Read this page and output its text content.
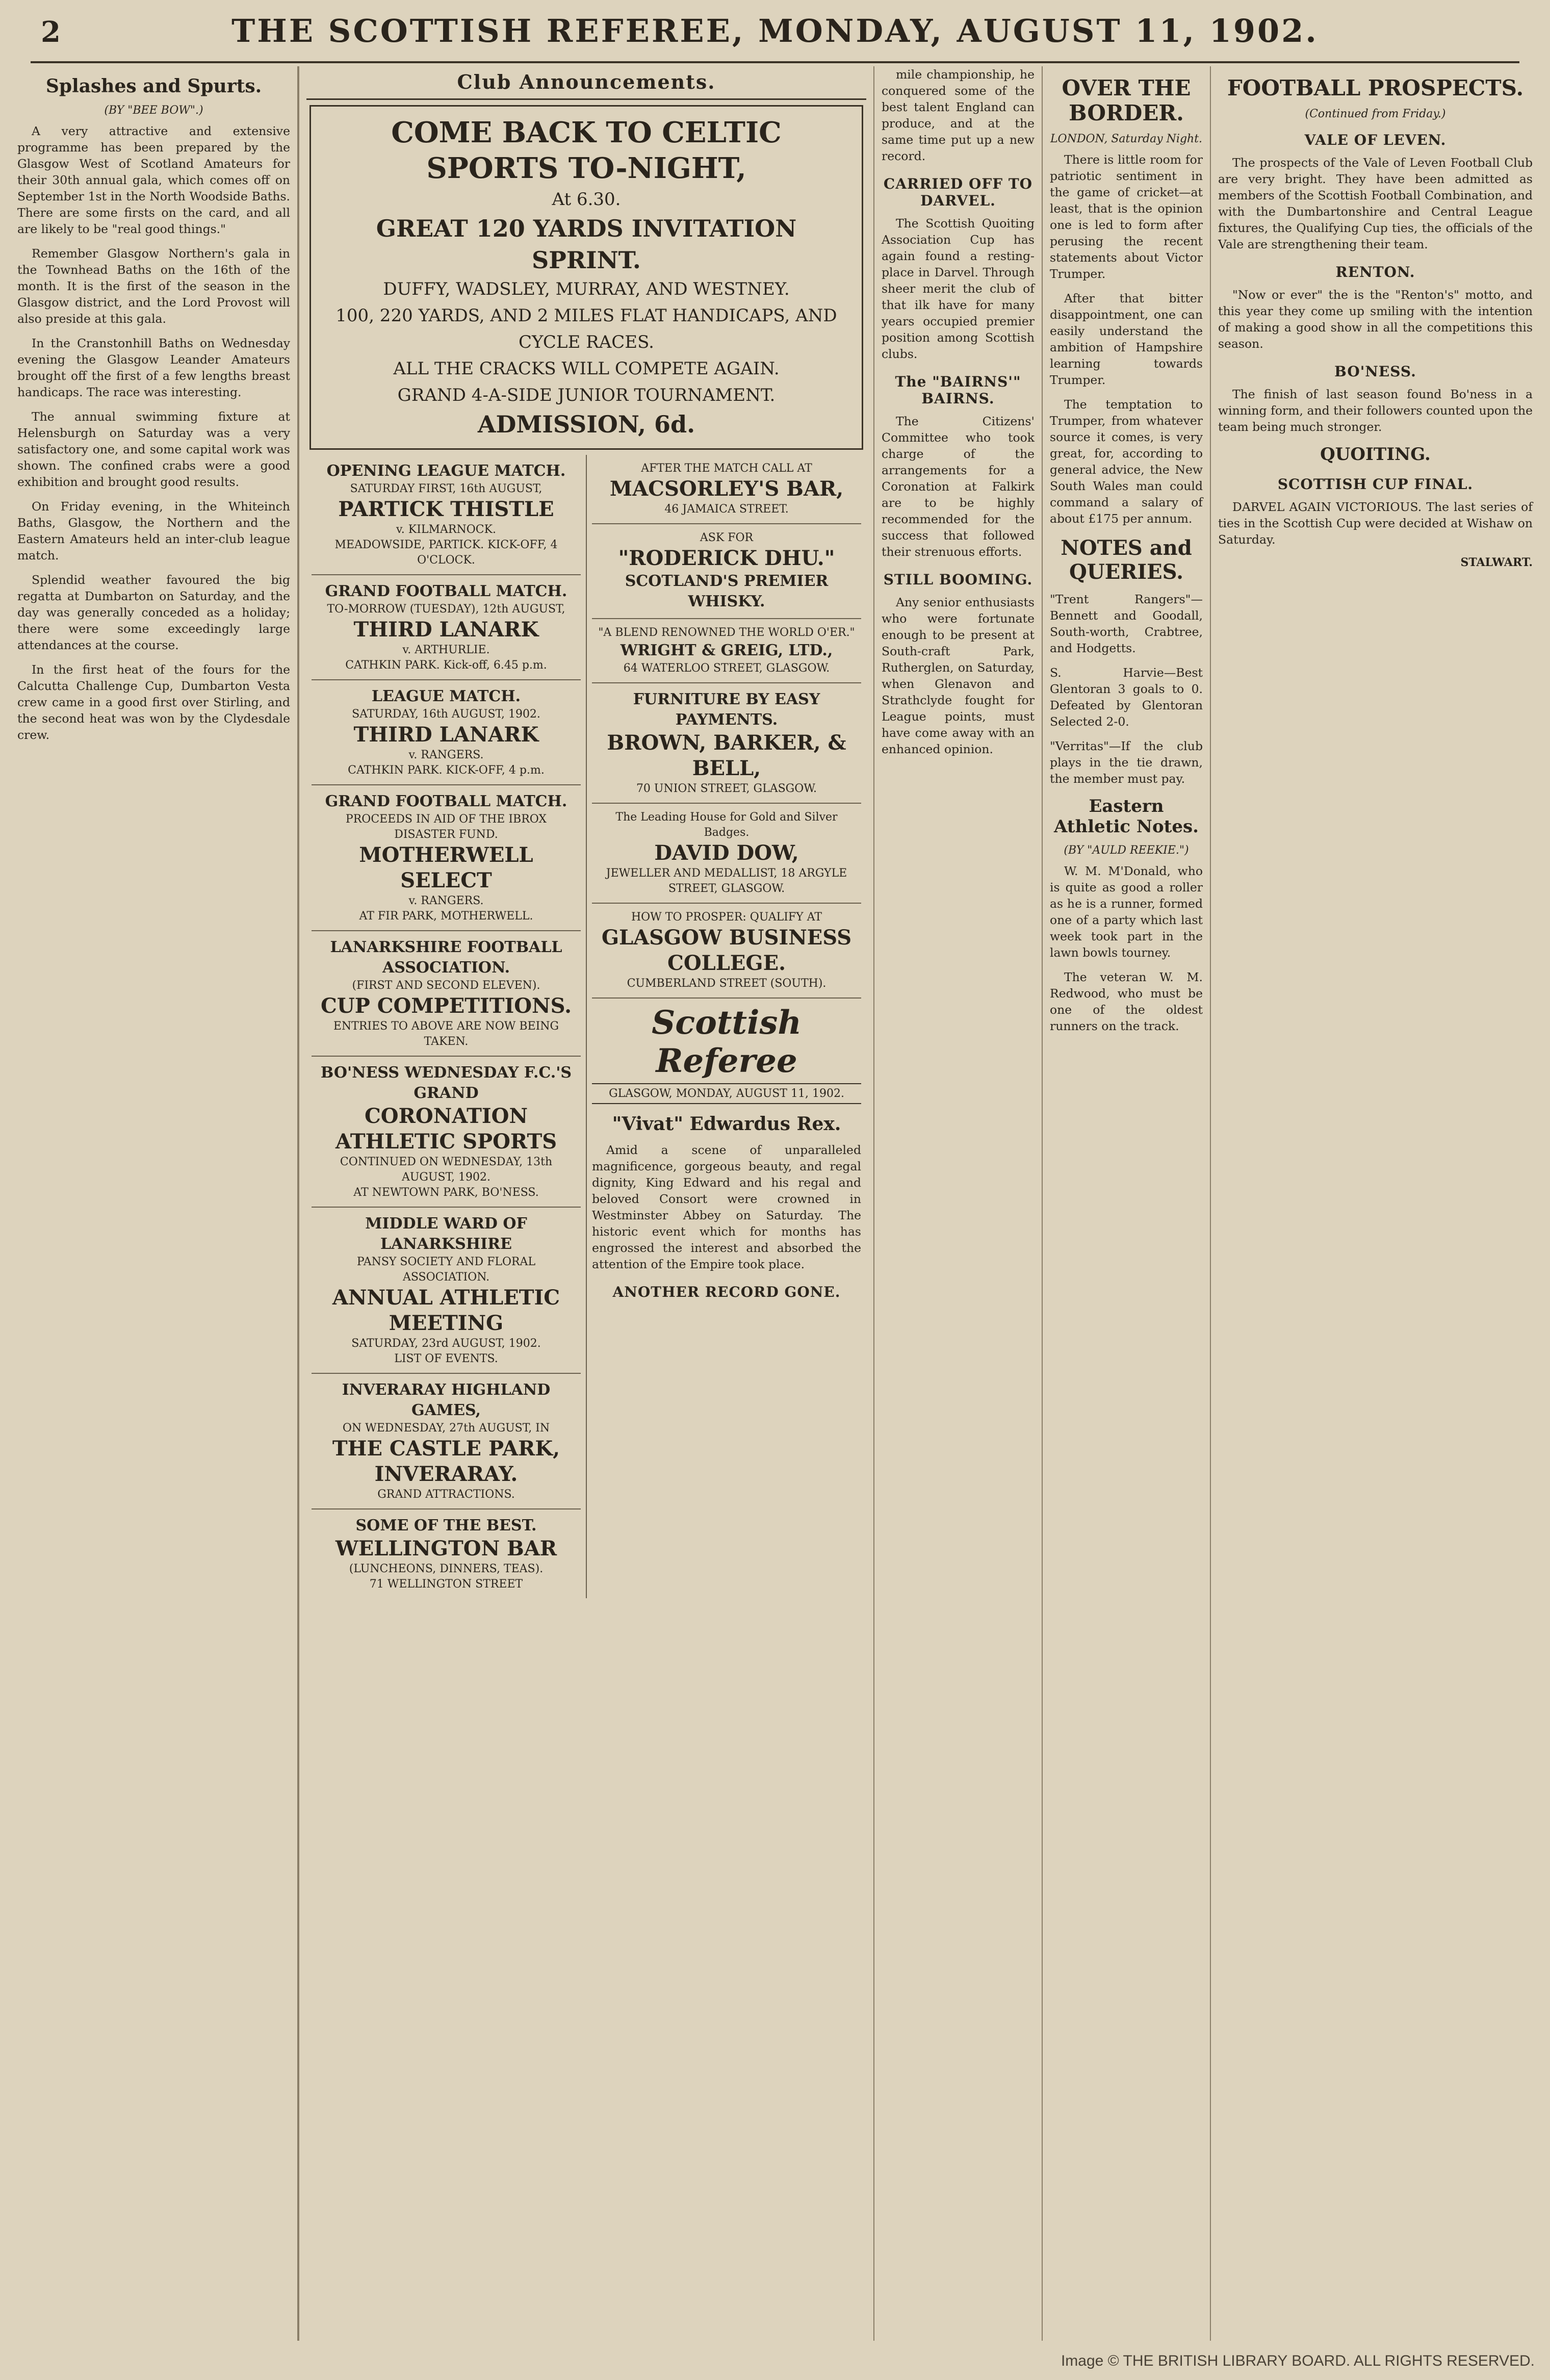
2	THE SCOTTISH REFEREE, MONDAY, AUGUST 11, 1902.
Splashes and Spurts.
(BY "BEE BOW".)

A very attractive and extensive programme has been prepared by the Glasgow West of Scotland Amateurs for their 30th annual gala, which comes off on September 1st in the North Woodside Baths. There are some firsts on the card, and all are likely to be "real good things."

Remember Glasgow Northern's gala in the Townhead Baths on the 16th of the month. It is the first of the season in the Glasgow district, and the Lord Provost will also preside at this gala.

In the Cranstonhill Baths on Wednesday evening the Glasgow Leander Amateurs brought off the first of a few lengths breast handicaps. The race was interesting.

The annual swimming fixture at Helensburgh on Saturday was a very satisfactory one, and some capital work was shown. The confined crabs were a good exhibition and brought good results.

On Friday evening, in the Whiteinch Baths, Glasgow, the Northern and the Eastern Amateurs held an inter-club league match.

Splendid weather favoured the big regatta at Dumbarton on Saturday, and the day was generally conceded as a holiday; there were some exceedingly large attendances at the course.

In the first heat of the fours for the Calcutta Challenge Cup, Dumbarton Vesta crew came in a good first over Stirling, and the second heat was won by the Clydesdale crew.

Club Announcements.
COME BACK TO CELTIC SPORTS TO-NIGHT,
At 6.30.
GREAT 120 YARDS INVITATION SPRINT.
DUFFY, WADSLEY, MURRAY, AND WESTNEY.
100, 220 YARDS, AND 2 MILES FLAT HANDICAPS, AND CYCLE RACES.
ALL THE CRACKS WILL COMPETE AGAIN.
GRAND 4-A-SIDE JUNIOR TOURNAMENT.
ADMISSION, 6d.
OPENING LEAGUE MATCH.
SATURDAY FIRST, 16th AUGUST,
PARTICK THISTLE
v. KILMARNOCK.
MEADOWSIDE, PARTICK. KICK-OFF, 4 O'CLOCK.
GRAND FOOTBALL MATCH.
TO-MORROW (TUESDAY), 12th AUGUST,
THIRD LANARK
v. ARTHURLIE.
CATHKIN PARK. Kick-off, 6.45 p.m.
LEAGUE MATCH.
SATURDAY, 16th AUGUST, 1902.
THIRD LANARK
v. RANGERS.
CATHKIN PARK. KICK-OFF, 4 p.m.
GRAND FOOTBALL MATCH.
PROCEEDS IN AID OF THE IBROX DISASTER FUND.
MOTHERWELL SELECT
v. RANGERS.
AT FIR PARK, MOTHERWELL.
LANARKSHIRE FOOTBALL ASSOCIATION.
(FIRST AND SECOND ELEVEN).
CUP COMPETITIONS.
ENTRIES TO ABOVE ARE NOW BEING TAKEN.
BO'NESS WEDNESDAY F.C.'S GRAND
CORONATION ATHLETIC SPORTS
CONTINUED ON WEDNESDAY, 13th AUGUST, 1902.
AT NEWTOWN PARK, BO'NESS.
MIDDLE WARD OF LANARKSHIRE
PANSY SOCIETY AND FLORAL ASSOCIATION.
ANNUAL ATHLETIC MEETING
SATURDAY, 23rd AUGUST, 1902.
LIST OF EVENTS.
INVERARAY HIGHLAND GAMES,
ON WEDNESDAY, 27th AUGUST, IN
THE CASTLE PARK, INVERARAY.
GRAND ATTRACTIONS.
SOME OF THE BEST.
WELLINGTON BAR
(LUNCHEONS, DINNERS, TEAS).
71 WELLINGTON STREET
AFTER THE MATCH CALL AT
MACSORLEY'S BAR,
46 JAMAICA STREET.
ASK FOR
"RODERICK DHU."
SCOTLAND'S PREMIER WHISKY.
"A BLEND RENOWNED THE WORLD O'ER."
WRIGHT & GREIG, LTD.,
64 WATERLOO STREET, GLASGOW.
FURNITURE BY EASY PAYMENTS.
BROWN, BARKER, & BELL,
70 UNION STREET, GLASGOW.
The Leading House for Gold and Silver Badges.
DAVID DOW,
JEWELLER AND MEDALLIST, 18 ARGYLE STREET, GLASGOW.
HOW TO PROSPER: QUALIFY AT
GLASGOW BUSINESS COLLEGE.
CUMBERLAND STREET (SOUTH).
Scottish Referee
GLASGOW, MONDAY, AUGUST 11, 1902.
"Vivat" Edwardus Rex.

Amid a scene of unparalleled magnificence, gorgeous beauty, and regal dignity, King Edward and his regal and beloved Consort were crowned in Westminster Abbey on Saturday. The historic event which for months has engrossed the interest and absorbed the attention of the Empire took place.

ANOTHER RECORD GONE.

mile championship, he conquered some of the best talent England can produce, and at the same time put up a new record.

CARRIED OFF TO DARVEL.

The Scottish Quoiting Association Cup has again found a resting-place in Darvel. Through sheer merit the club of that ilk have for many years occupied premier position among Scottish clubs.

The "BAIRNS'" BAIRNS.

The Citizens' Committee who took charge of the arrangements for a Coronation at Falkirk are to be highly recommended for the success that followed their strenuous efforts.

STILL BOOMING.

Any senior enthusiasts who were fortunate enough to be present at South-craft Park, Rutherglen, on Saturday, when Glenavon and Strathclyde fought for League points, must have come away with an enhanced opinion.

OVER THE BORDER.
LONDON, Saturday Night.

There is little room for patriotic sentiment in the game of cricket—at least, that is the opinion one is led to form after perusing the recent statements about Victor Trumper.

After that bitter disappointment, one can easily understand the ambition of Hampshire learning towards Trumper.

The temptation to Trumper, from whatever source it comes, is very great, for, according to general advice, the New South Wales man could command a salary of about £175 per annum.

NOTES and QUERIES.

"Trent Rangers"—Bennett and Goodall, South-worth, Crabtree, and Hodgetts.

S. Harvie—Best Glentoran 3 goals to 0. Defeated by Glentoran Selected 2-0.

"Verritas"—If the club plays in the tie drawn, the member must pay.

Eastern Athletic Notes.
(BY "AULD REEKIE.")

W. M. M'Donald, who is quite as good a roller as he is a runner, formed one of a party which last week took part in the lawn bowls tourney.

The veteran W. M. Redwood, who must be one of the oldest runners on the track.

FOOTBALL PROSPECTS.
(Continued from Friday.)
VALE OF LEVEN.

The prospects of the Vale of Leven Football Club are very bright. They have been admitted as members of the Scottish Football Combination, and with the Dumbartonshire and Central League fixtures, the Qualifying Cup ties, the officials of the Vale are strengthening their team.

RENTON.

"Now or ever" the is the "Renton's" motto, and this year they come up smiling with the intention of making a good show in all the competitions this season.

BO'NESS.

The finish of last season found Bo'ness in a winning form, and their followers counted upon the team being much stronger.

QUOITING.
SCOTTISH CUP FINAL.

DARVEL AGAIN VICTORIOUS. The last series of ties in the Scottish Cup were decided at Wishaw on Saturday.

STALWART.
Image © THE BRITISH LIBRARY BOARD. ALL RIGHTS RESERVED.
